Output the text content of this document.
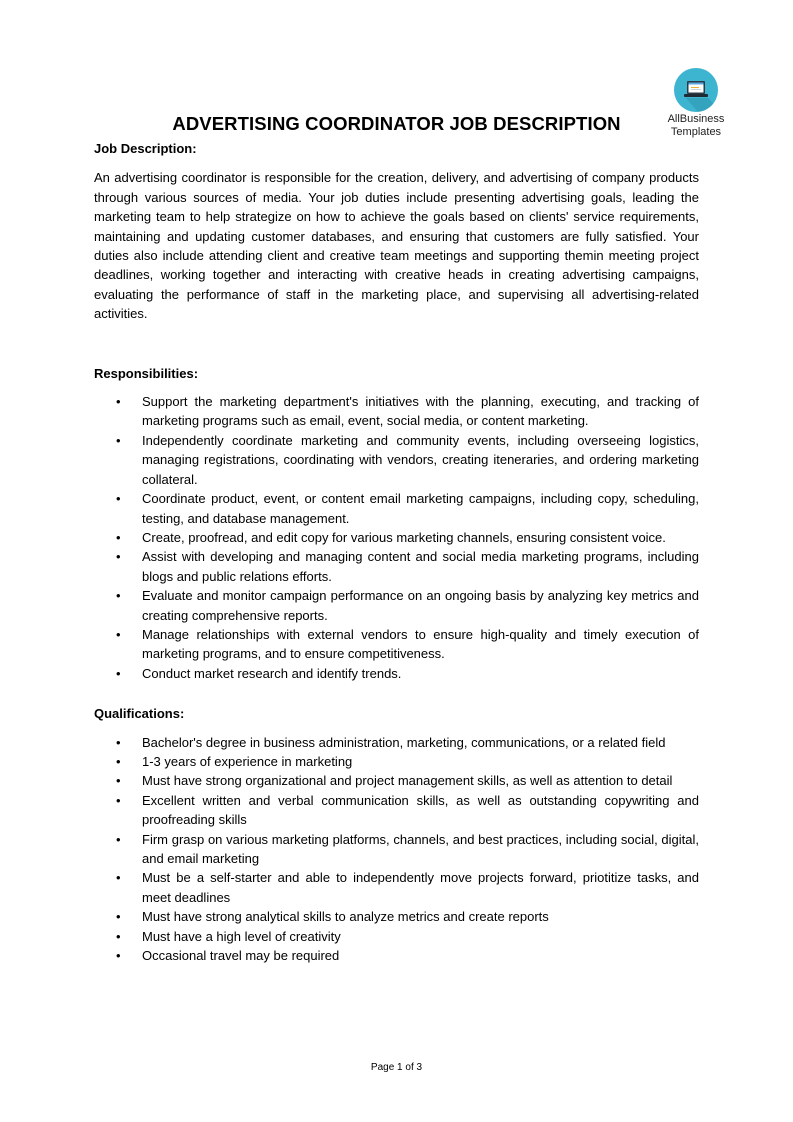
AllBusiness
Templates
ADVERTISING COORDINATOR JOB DESCRIPTION

Job Description:

An advertising coordinator is responsible for the creation, delivery, and advertising of company products through various sources of media. Your job duties include presenting advertising goals, leading the marketing team to help strategize on how to achieve the goals based on clients' service requirements, maintaining and updating customer databases, and ensuring that customers are fully satisfied. Your duties also include attending client and creative team meetings and supporting themin meeting project deadlines, working together and interacting with creative heads in creating advertising campaigns, evaluating the performance of staff in the marketing place, and supervising all advertising-related activities.

Responsibilities:

• Support the marketing department's initiatives with the planning, executing, and tracking of marketing programs such as email, event, social media, or content marketing.
• Independently coordinate marketing and community events, including overseeing logistics, managing registrations, coordinating with vendors, creating iteneraries, and ordering marketing collateral.
• Coordinate product, event, or content email marketing campaigns, including copy, scheduling, testing, and database management.
• Create, proofread, and edit copy for various marketing channels, ensuring consistent voice.
• Assist with developing and managing content and social media marketing programs, including blogs and public relations efforts.
• Evaluate and monitor campaign performance on an ongoing basis by analyzing key metrics and creating comprehensive reports.
• Manage relationships with external vendors to ensure high-quality and timely execution of marketing programs, and to ensure competitiveness.
• Conduct market research and identify trends.

Qualifications:

• Bachelor's degree in business administration, marketing, communications, or a related field
• 1-3 years of experience in marketing
• Must have strong organizational and project management skills, as well as attention to detail
• Excellent written and verbal communication skills, as well as outstanding copywriting and proofreading skills
• Firm grasp on various marketing platforms, channels, and best practices, including social, digital, and email marketing
• Must be a self-starter and able to independently move projects forward, priotitize tasks, and meet deadlines
• Must have strong analytical skills to analyze metrics and create reports
• Must have a high level of creativity
• Occasional travel may be required
Page 1 of 3
